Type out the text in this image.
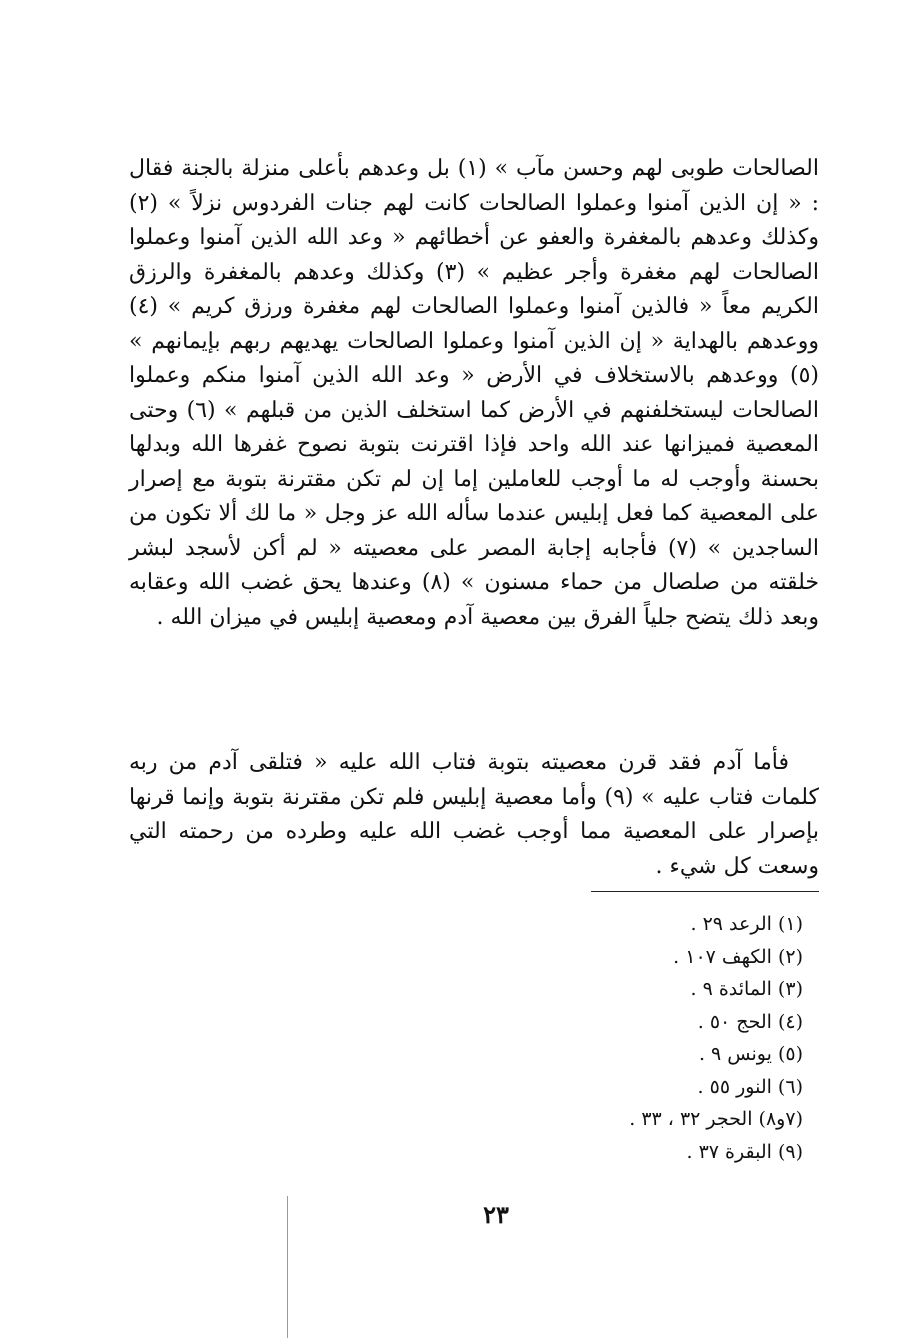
الصالحات طوبى لهم وحسن مآب » (١) بل وعدهم بأعلى منزلة بالجنة فقال : « إن الذين آمنوا وعملوا الصالحات كانت لهم جنات الفردوس نزلاً » (٢) وكذلك وعدهم بالمغفرة والعفو عن أخطائهم « وعد الله الذين آمنوا وعملوا الصالحات لهم مغفرة وأجر عظيم » (٣) وكذلك وعدهم بالمغفرة والرزق الكريم معاً « فالذين آمنوا وعملوا الصالحات لهم مغفرة ورزق كريم » (٤) ووعدهم بالهداية « إن الذين آمنوا وعملوا الصالحات يهديهم ربهم بإيمانهم » (٥) ووعدهم بالاستخلاف في الأرض « وعد الله الذين آمنوا منكم وعملوا الصالحات ليستخلفنهم في الأرض كما استخلف الذين من قبلهم » (٦) وحتى المعصية فميزانها عند الله واحد فإذا اقترنت بتوبة نصوح غفرها الله وبدلها بحسنة وأوجب له ما أوجب للعاملين إما إن لم تكن مقترنة بتوبة مع إصرار على المعصية كما فعل إبليس عندما سأله الله عز وجل « ما لك ألا تكون من الساجدين » (٧) فأجابه إجابة المصر على معصيته « لم أكن لأسجد لبشر خلقته من صلصال من حماء مسنون » (٨) وعندها يحق غضب الله وعقابه وبعد ذلك يتضح جلياً الفرق بين معصية آدم ومعصية إبليس في ميزان الله .

فأما آدم فقد قرن معصيته بتوبة فتاب الله عليه « فتلقى آدم من ربه كلمات فتاب عليه » (٩) وأما معصية إبليس فلم تكن مقترنة بتوبة وإنما قرنها بإصرار على المعصية مما أوجب غضب الله عليه وطرده من رحمته التي وسعت كل شيء .

(١) الرعد ٢٩ .
(٢) الكهف ١٠٧ .
(٣) المائدة ٩ .
(٤) الحج ٥٠ .
(٥) يونس ٩ .
(٦) النور ٥٥ .
(٧و٨) الحجر ٣٢ ، ٣٣ .
(٩) البقرة ٣٧ .
٢٣
